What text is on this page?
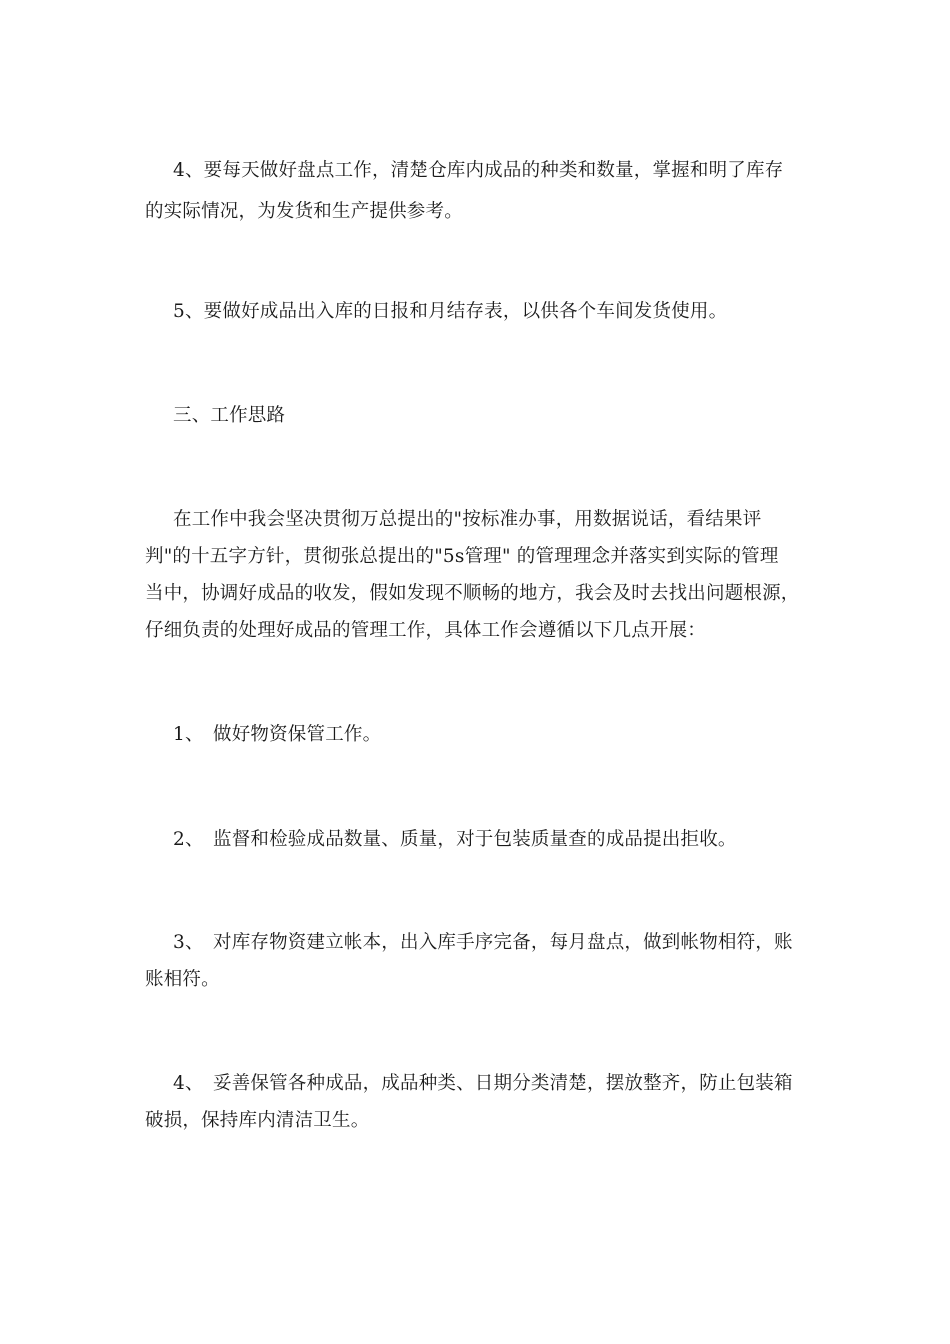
4、要每天做好盘点工作，清楚仓库内成品的种类和数量，掌握和明了库存
的实际情况，为发货和生产提供参考。
5、要做好成品出入库的日报和月结存表，以供各个车间发货使用。
三、工作思路
在工作中我会坚决贯彻万总提出的"按标准办事，用数据说话，看结果评
判"的十五字方针，贯彻张总提出的"5s管理" 的管理理念并落实到实际的管理
当中，协调好成品的收发，假如发现不顺畅的地方，我会及时去找出问题根源，
仔细负责的处理好成品的管理工作，具体工作会遵循以下几点开展：
1、 做好物资保管工作。
2、 监督和检验成品数量、质量，对于包装质量查的成品提出拒收。
3、 对库存物资建立帐本，出入库手序完备，每月盘点，做到帐物相符，账
账相符。
4、 妥善保管各种成品，成品种类、日期分类清楚，摆放整齐，防止包装箱
破损，保持库内清洁卫生。
